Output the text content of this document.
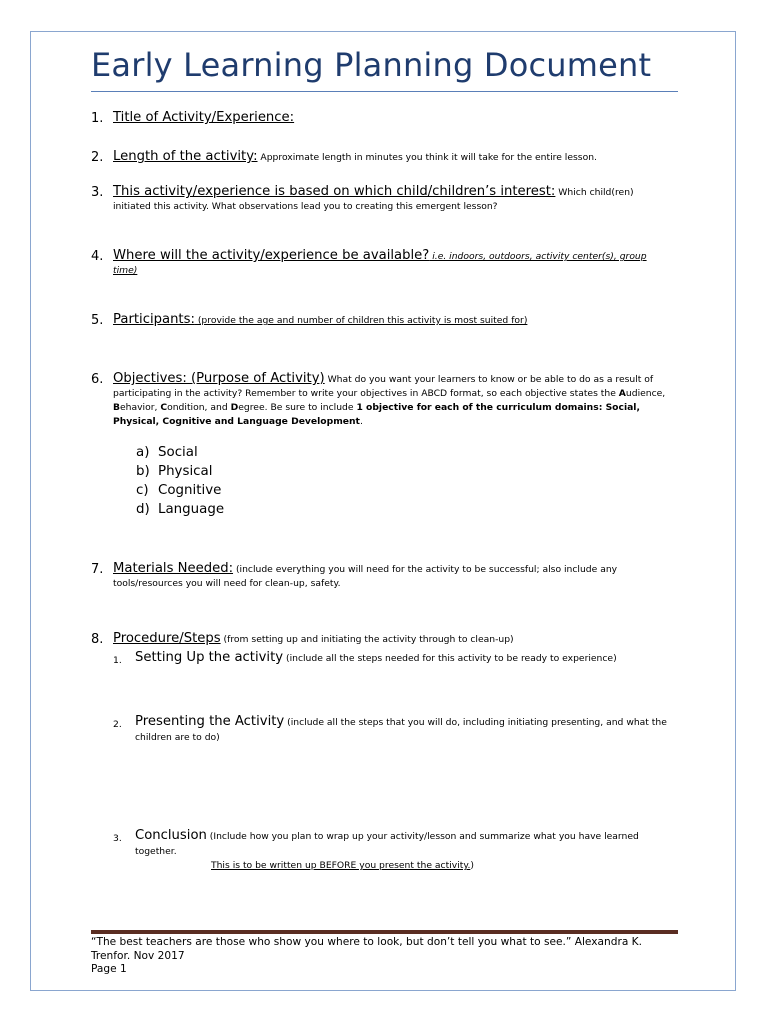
Early Learning Planning Document
1. Title of Activity/Experience:
2. Length of the activity: Approximate length in minutes you think it will take for the entire lesson.
3. This activity/experience is based on which child/children’s interest: Which child(ren) initiated this activity. What observations lead you to creating this emergent lesson?
4. Where will the activity/experience be available? i.e. indoors, outdoors, activity center(s), group time)
5. Participants: (provide the age and number of children this activity is most suited for)
6. Objectives: (Purpose of Activity) What do you want your learners to know or be able to do as a result of participating in the activity? Remember to write your objectives in ABCD format, so each objective states the Audience, Behavior, Condition, and Degree. Be sure to include 1 objective for each of the curriculum domains: Social, Physical, Cognitive and Language Development.
a) Social
b) Physical
c) Cognitive
d) Language
7. Materials Needed: (include everything you will need for the activity to be successful; also include any tools/resources you will need for clean-up, safety.
8. Procedure/Steps (from setting up and initiating the activity through to clean-up)
1. Setting Up the activity (include all the steps needed for this activity to be ready to experience)
2. Presenting the Activity (include all the steps that you will do, including initiating presenting, and what the children are to do)
3. Conclusion (Include how you plan to wrap up your activity/lesson and summarize what you have learned together.
This is to be written up BEFORE you present the activity.)
“The best teachers are those who show you where to look, but don’t tell you what to see.” Alexandra K. Trenfor. Nov 2017
Page 1
